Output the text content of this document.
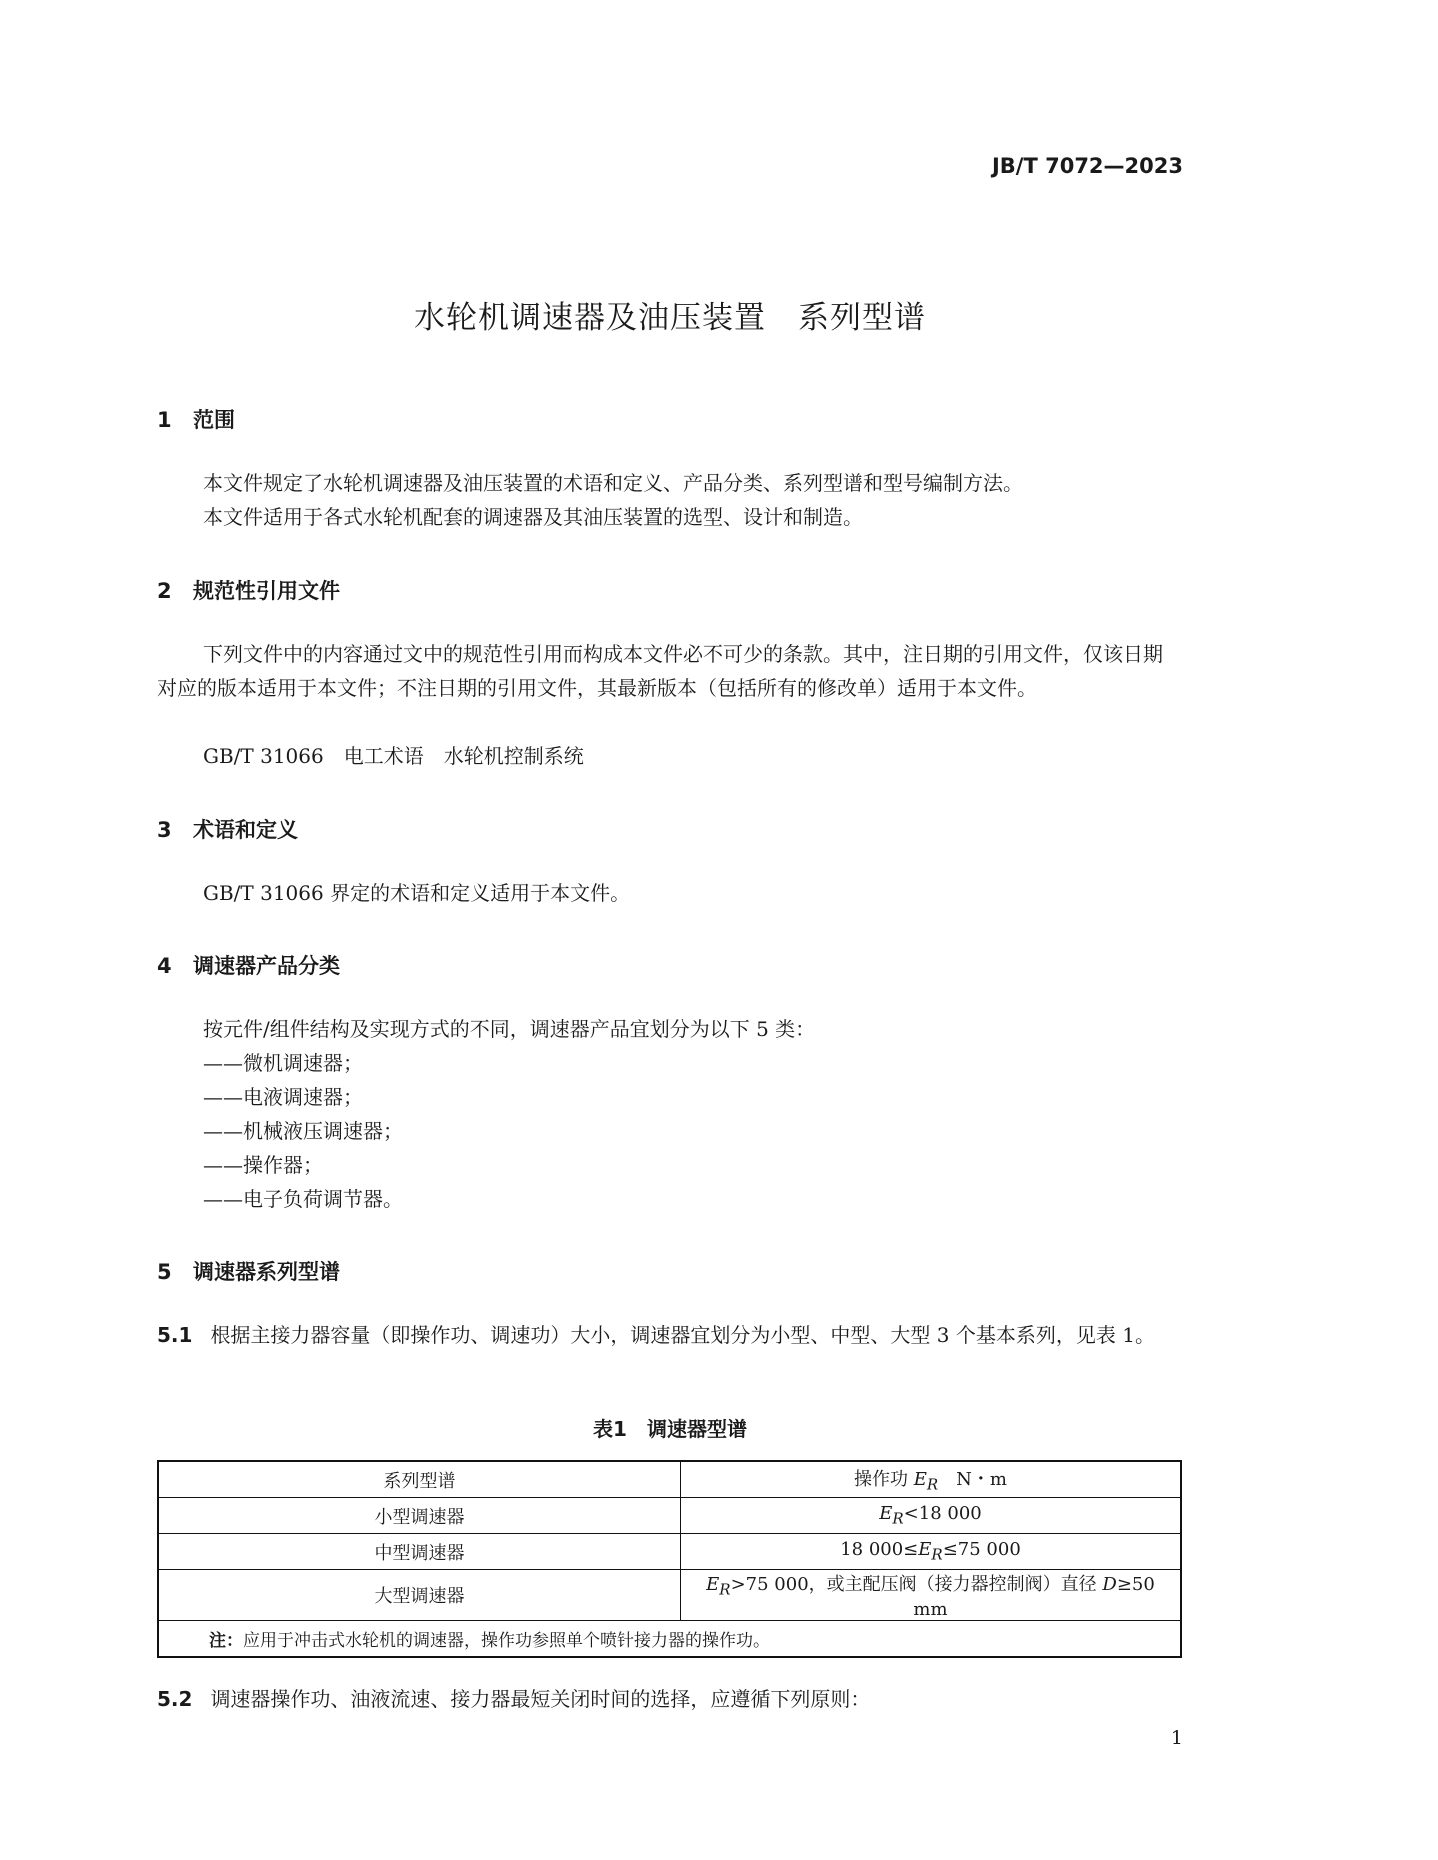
JB/T 7072—2023
水轮机调速器及油压装置　系列型谱
1 范围
本文件规定了水轮机调速器及油压装置的术语和定义、产品分类、系列型谱和型号编制方法。
本文件适用于各式水轮机配套的调速器及其油压装置的选型、设计和制造。
2 规范性引用文件
下列文件中的内容通过文中的规范性引用而构成本文件必不可少的条款。其中，注日期的引用文件，仅该日期对应的版本适用于本文件；不注日期的引用文件，其最新版本（包括所有的修改单）适用于本文件。
GB/T 31066　电工术语　水轮机控制系统
3 术语和定义
GB/T 31066 界定的术语和定义适用于本文件。
4 调速器产品分类
按元件/组件结构及实现方式的不同，调速器产品宜划分为以下 5 类：
——微机调速器；
——电液调速器；
——机械液压调速器；
——操作器；
——电子负荷调节器。
5 调速器系列型谱
5.1 根据主接力器容量（即操作功、调速功）大小，调速器宜划分为小型、中型、大型 3 个基本系列，见表 1。
表1　调速器型谱
系列型谱	操作功 $E_R$　N・m
小型调速器	$E_R<18$ 000
中型调速器	18 $000\le E_R\le 75$ 000
大型调速器	$E_R>75$ 000，或主配压阀（接力器控制阀）直径 D≥50 mm
注：应用于冲击式水轮机的调速器，操作功参照单个喷针接力器的操作功。	
5.2 调速器操作功、油液流速、接力器最短关闭时间的选择，应遵循下列原则：
1
